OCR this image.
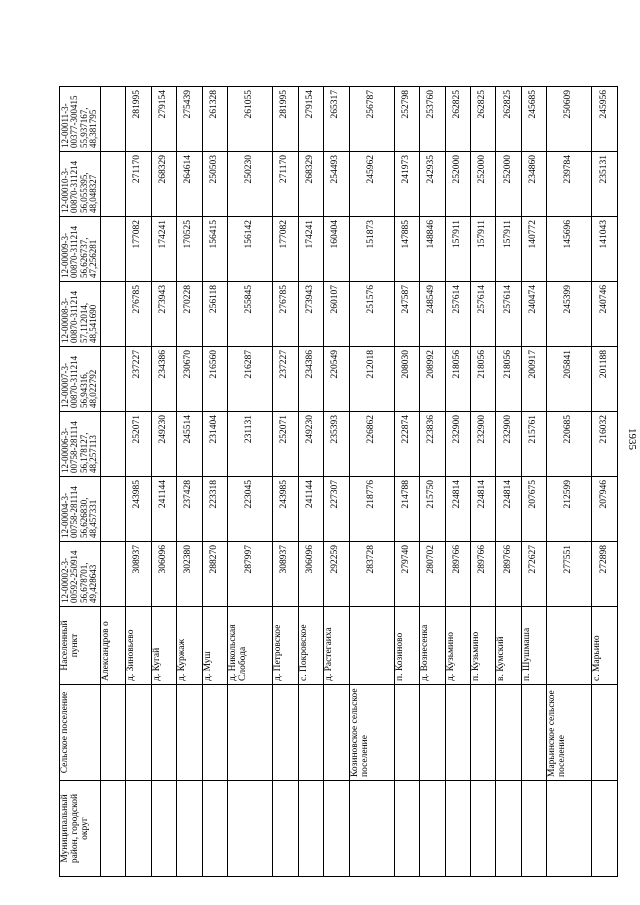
1935
Муниципальный район, городской округ	Сельское поселение	Населенный пункт	12-00002-3-00592-250914 56,678701, 49,428643	12-00004-3-00758-281114 56,626830, 48,457331	12-00006-3-00758-281114 56,178127, 48,257113	12-00007-3-00870-311214 56,94316, 48,022792	12-00008-3-00870-311214 57,112014, 48,541690	12-00009-3-00870-311214 56,626737, 47,256281	12-00010-3-00870-311214 56,055395, 48,048327	12-00011-3-00377-300415 55,937167, 48,381795
		Александров о								
		д. Зиновьево	308937	243985	252071	237227	276785	177082	271170	281995
		д. Кугай	306096	241144	249230	234386	273943	174241	268329	279154
		д. Куржаж	302380	237428	245514	230670	270228	170525	264614	275439
		д. Муш	288270	223318	231404	216560	256118	156415	250503	261328
		д. Никольская Слобода	287997	223045	231131	216287	255845	156142	250230	261055
		д. Петровское	308937	243985	252071	237227	276785	177082	271170	281995
		с. Покровское	306096	241144	249230	234386	273943	174241	268329	279154
		д. Растегаиха	292259	227307	235393	220549	260107	160404	254493	265317
	Козиновское сельское поселение		283728	218776	226862	212018	251576	151873	245962	256787
		п. Козиново	279740	214788	222874	208030	247587	147885	241973	252798
		д. Вознесенка	280702	215750	223836	208992	248549	148846	242935	253760
		д. Кузьмино	289766	224814	232900	218056	257614	157911	252000	262825
		п. Кузьмино	289766	224814	232900	218056	257614	157911	252000	262825
		в. Кумский	289766	224814	232900	218056	257614	157911	252000	262825
		п. Шушмаша	272627	207675	215761	200917	240474	140772	234860	245685
	Марьинское сельское поселение		277551	212599	220685	205841	245399	145696	239784	250609
		с. Марьино	272898	207946	216032	201188	240746	141043	235131	245956
